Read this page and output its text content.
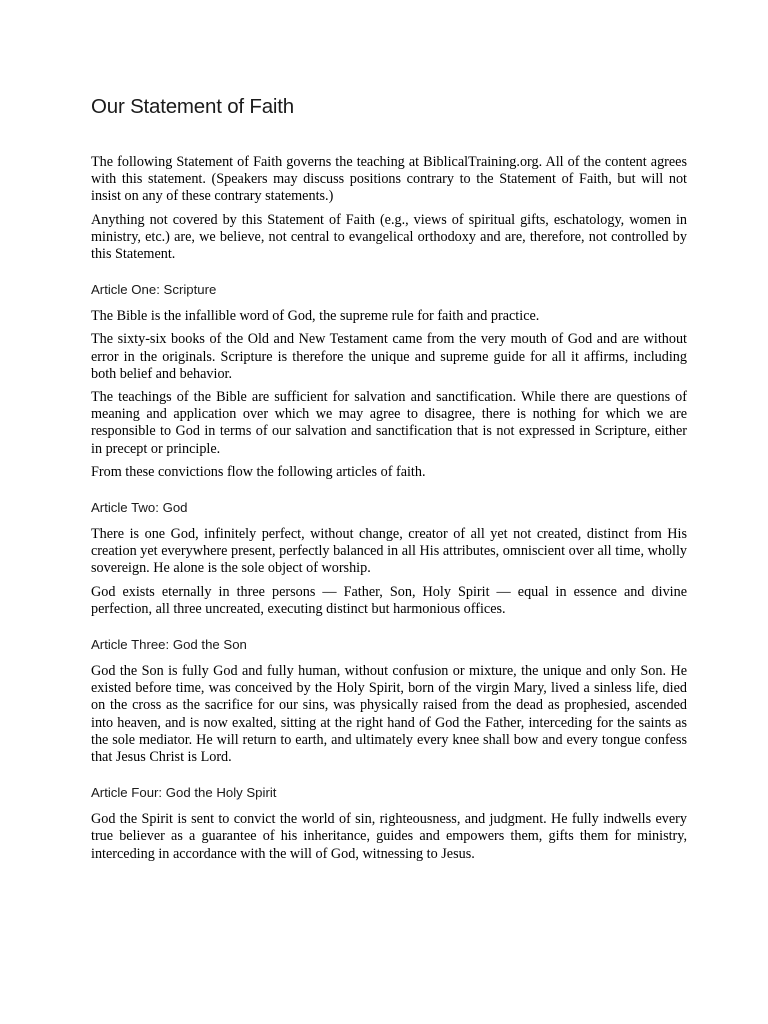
Our Statement of Faith

The following Statement of Faith governs the teaching at BiblicalTraining.org. All of the content agrees with this statement. (Speakers may discuss positions contrary to the Statement of Faith, but will not insist on any of these contrary statements.)

Anything not covered by this Statement of Faith (e.g., views of spiritual gifts, eschatology, women in ministry, etc.) are, we believe, not central to evangelical orthodoxy and are, therefore, not controlled by this Statement.

Article One: Scripture

The Bible is the infallible word of God, the supreme rule for faith and practice.

The sixty-six books of the Old and New Testament came from the very mouth of God and are without error in the originals. Scripture is therefore the unique and supreme guide for all it affirms, including both belief and behavior.

The teachings of the Bible are sufficient for salvation and sanctification. While there are questions of meaning and application over which we may agree to disagree, there is nothing for which we are responsible to God in terms of our salvation and sanctification that is not expressed in Scripture, either in precept or principle.

From these convictions flow the following articles of faith.

Article Two: God

There is one God, infinitely perfect, without change, creator of all yet not created, distinct from His creation yet everywhere present, perfectly balanced in all His attributes, omniscient over all time, wholly sovereign. He alone is the sole object of worship.

God exists eternally in three persons — Father, Son, Holy Spirit — equal in essence and divine perfection, all three uncreated, executing distinct but harmonious offices.

Article Three: God the Son

God the Son is fully God and fully human, without confusion or mixture, the unique and only Son. He existed before time, was conceived by the Holy Spirit, born of the virgin Mary, lived a sinless life, died on the cross as the sacrifice for our sins, was physically raised from the dead as prophesied, ascended into heaven, and is now exalted, sitting at the right hand of God the Father, interceding for the saints as the sole mediator. He will return to earth, and ultimately every knee shall bow and every tongue confess that Jesus Christ is Lord.

Article Four: God the Holy Spirit

God the Spirit is sent to convict the world of sin, righteousness, and judgment. He fully indwells every true believer as a guarantee of his inheritance, guides and empowers them, gifts them for ministry, interceding in accordance with the will of God, witnessing to Jesus.
